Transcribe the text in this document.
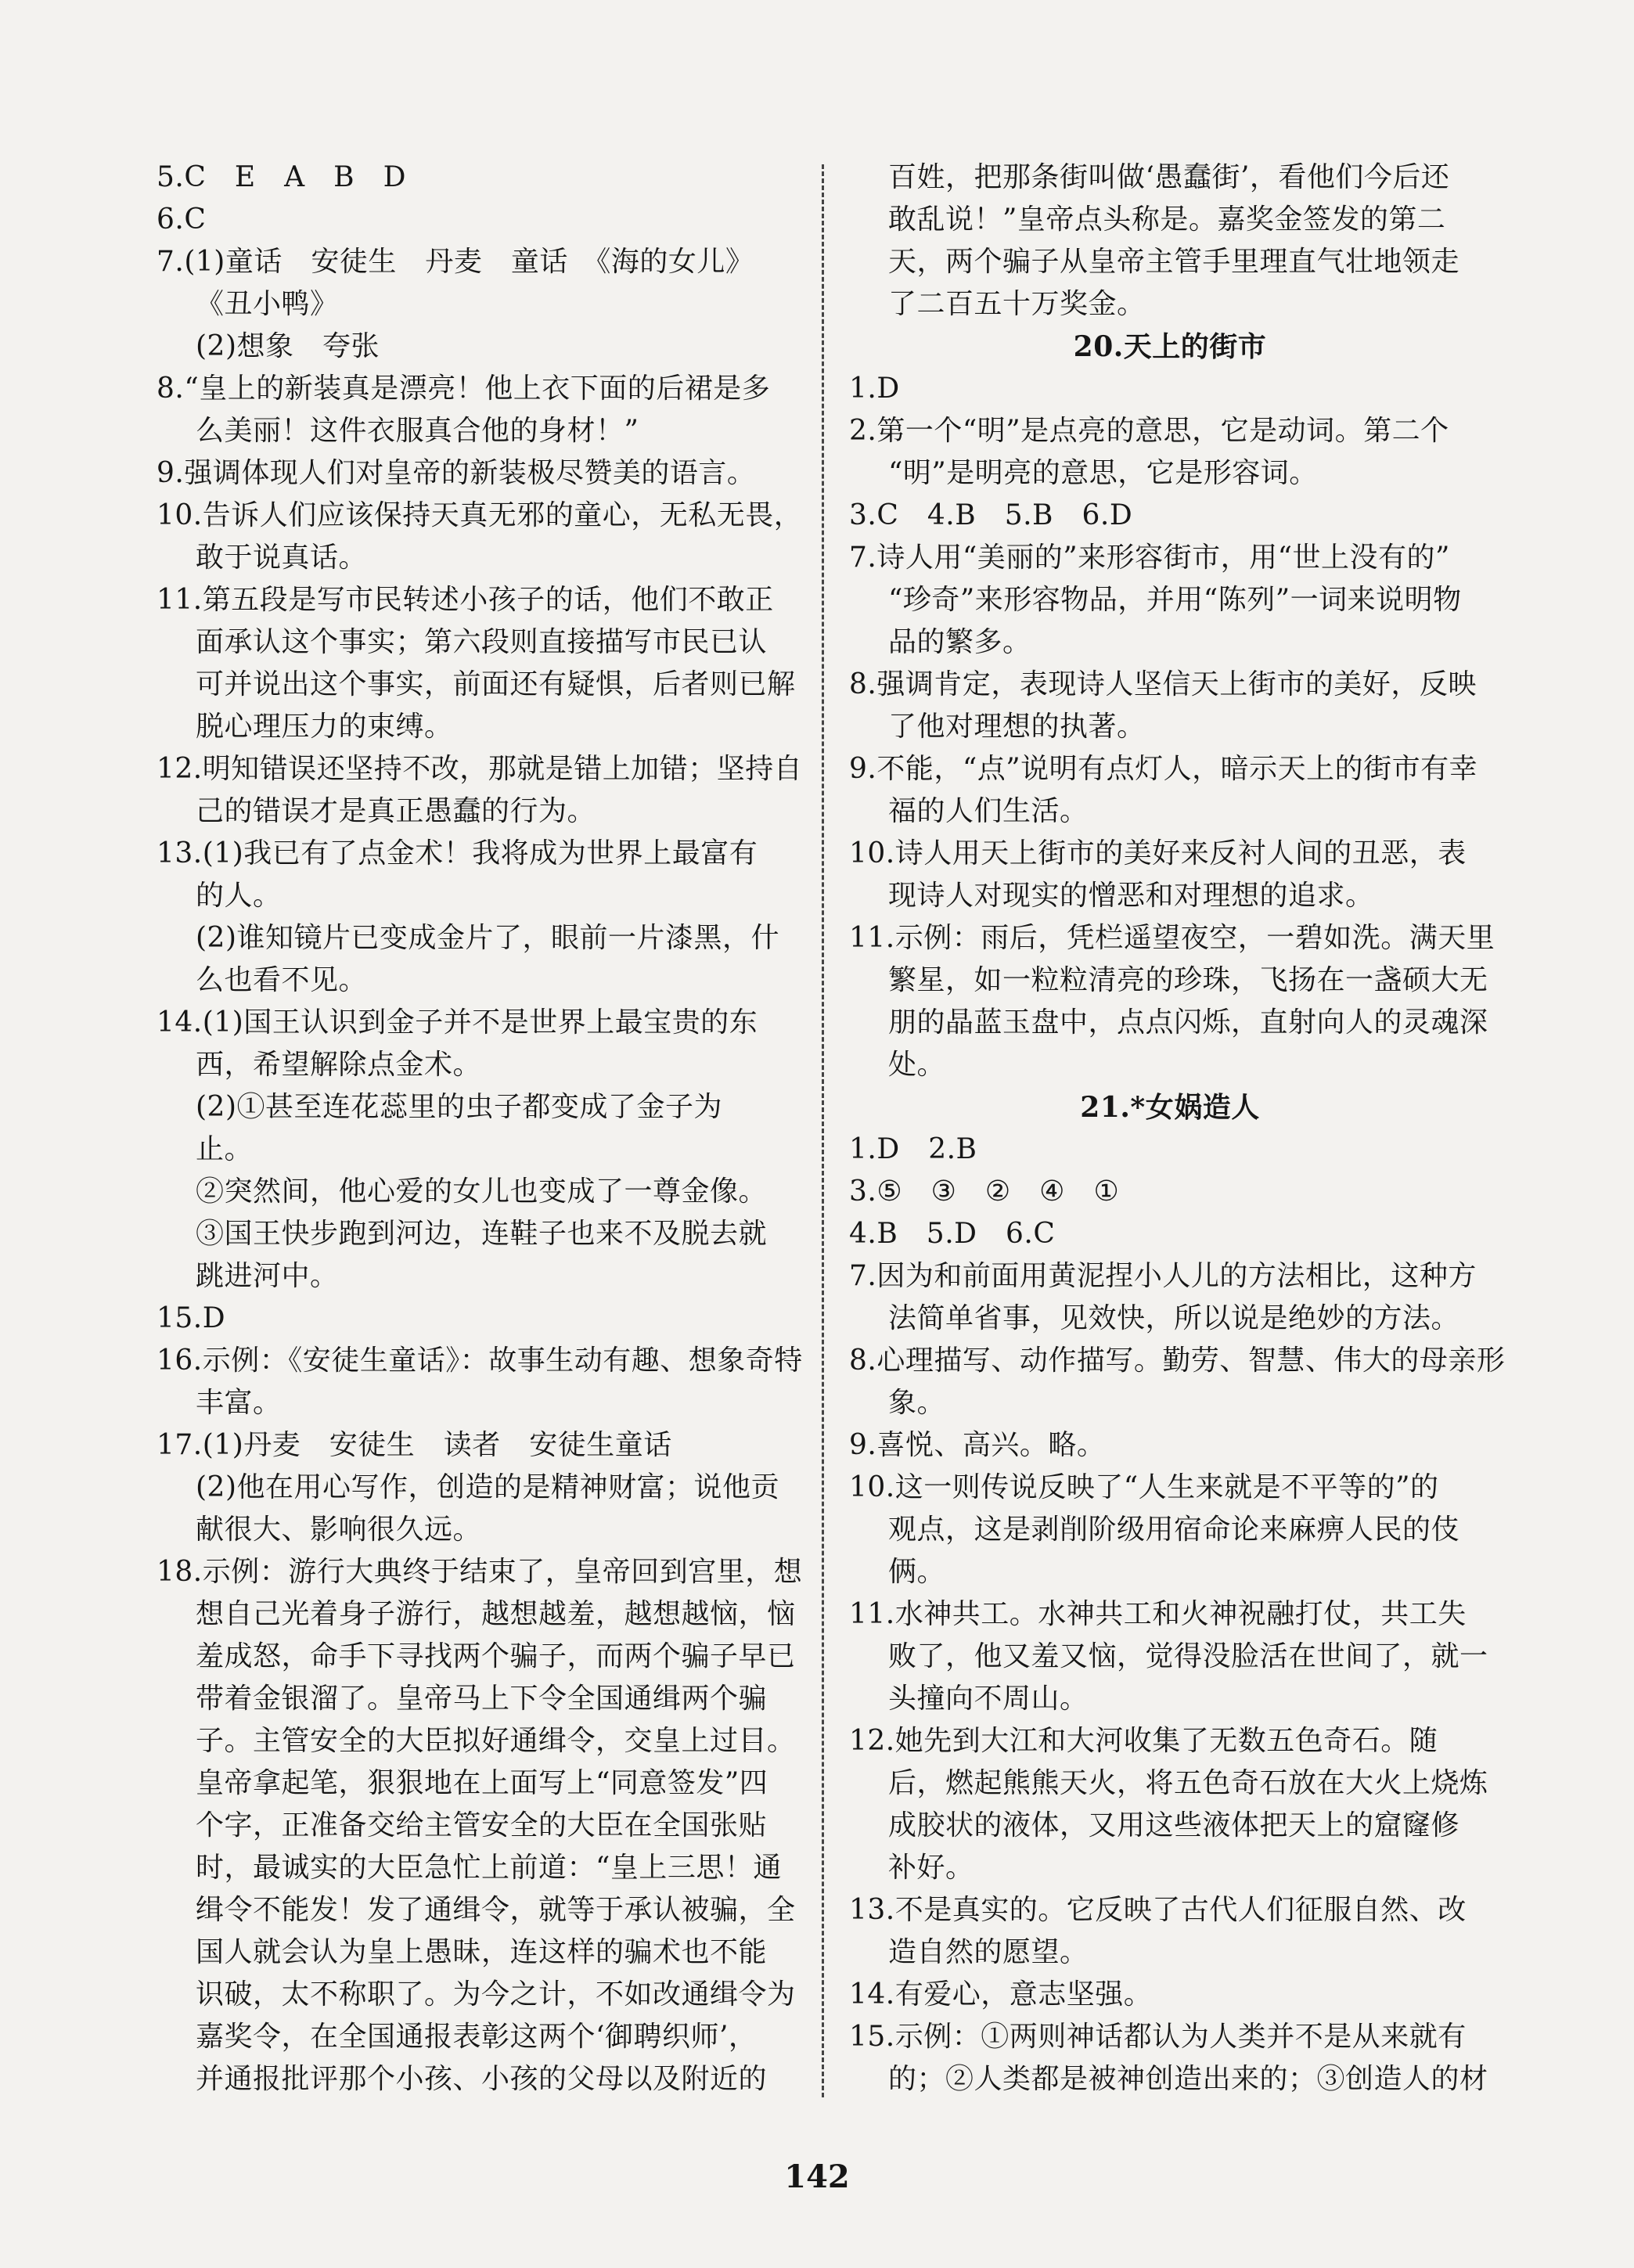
5.C　E　A　B　D
6.C
7.(1)童话　安徒生　丹麦　童话　《海的女儿》
《丑小鸭》
(2)想象　夸张
8.“皇上的新装真是漂亮！他上衣下面的后裙是多
么美丽！这件衣服真合他的身材！”
9.强调体现人们对皇帝的新装极尽赞美的语言。
10.告诉人们应该保持天真无邪的童心，无私无畏，
敢于说真话。
11.第五段是写市民转述小孩子的话，他们不敢正
面承认这个事实；第六段则直接描写市民已认
可并说出这个事实，前面还有疑惧，后者则已解
脱心理压力的束缚。
12.明知错误还坚持不改，那就是错上加错；坚持自
己的错误才是真正愚蠢的行为。
13.(1)我已有了点金术！我将成为世界上最富有
的人。
(2)谁知镜片已变成金片了，眼前一片漆黑，什
么也看不见。
14.(1)国王认识到金子并不是世界上最宝贵的东
西，希望解除点金术。
(2)①甚至连花蕊里的虫子都变成了金子为
止。
②突然间，他心爱的女儿也变成了一尊金像。
③国王快步跑到河边，连鞋子也来不及脱去就
跳进河中。
15.D
16.示例：《安徒生童话》：故事生动有趣、想象奇特
丰富。
17.(1)丹麦　安徒生　读者　安徒生童话
(2)他在用心写作，创造的是精神财富；说他贡
献很大、影响很久远。
18.示例：游行大典终于结束了，皇帝回到宫里，想
想自己光着身子游行，越想越羞，越想越恼，恼
羞成怒，命手下寻找两个骗子，而两个骗子早已
带着金银溜了。皇帝马上下令全国通缉两个骗
子。主管安全的大臣拟好通缉令，交皇上过目。
皇帝拿起笔，狠狠地在上面写上“同意签发”四
个字，正准备交给主管安全的大臣在全国张贴
时，最诚实的大臣急忙上前道：“皇上三思！通
缉令不能发！发了通缉令，就等于承认被骗，全
国人就会认为皇上愚昧，连这样的骗术也不能
识破，太不称职了。为今之计，不如改通缉令为
嘉奖令，在全国通报表彰这两个‘御聘织师’，
并通报批评那个小孩、小孩的父母以及附近的
百姓，把那条街叫做‘愚蠢街’，看他们今后还
敢乱说！”皇帝点头称是。嘉奖金签发的第二
天，两个骗子从皇帝主管手里理直气壮地领走
了二百五十万奖金。
20.天上的街市
1.D
2.第一个“明”是点亮的意思，它是动词。第二个
“明”是明亮的意思，它是形容词。
3.C　4.B　5.B　6.D
7.诗人用“美丽的”来形容街市，用“世上没有的”
“珍奇”来形容物品，并用“陈列”一词来说明物
品的繁多。
8.强调肯定，表现诗人坚信天上街市的美好，反映
了他对理想的执著。
9.不能，“点”说明有点灯人，暗示天上的街市有幸
福的人们生活。
10.诗人用天上街市的美好来反衬人间的丑恶，表
现诗人对现实的憎恶和对理想的追求。
11.示例：雨后，凭栏遥望夜空，一碧如洗。满天里
繁星，如一粒粒清亮的珍珠，飞扬在一盏硕大无
朋的晶蓝玉盘中，点点闪烁，直射向人的灵魂深
处。
21.*女娲造人
1.D　2.B
3.⑤　③　②　④　①
4.B　5.D　6.C
7.因为和前面用黄泥捏小人儿的方法相比，这种方
法简单省事，见效快，所以说是绝妙的方法。
8.心理描写、动作描写。勤劳、智慧、伟大的母亲形
象。
9.喜悦、高兴。略。
10.这一则传说反映了“人生来就是不平等的”的
观点，这是剥削阶级用宿命论来麻痹人民的伎
俩。
11.水神共工。水神共工和火神祝融打仗，共工失
败了，他又羞又恼，觉得没脸活在世间了，就一
头撞向不周山。
12.她先到大江和大河收集了无数五色奇石。随
后，燃起熊熊天火，将五色奇石放在大火上烧炼
成胶状的液体，又用这些液体把天上的窟窿修
补好。
13.不是真实的。它反映了古代人们征服自然、改
造自然的愿望。
14.有爱心，意志坚强。
15.示例：①两则神话都认为人类并不是从来就有
的；②人类都是被神创造出来的；③创造人的材
142
